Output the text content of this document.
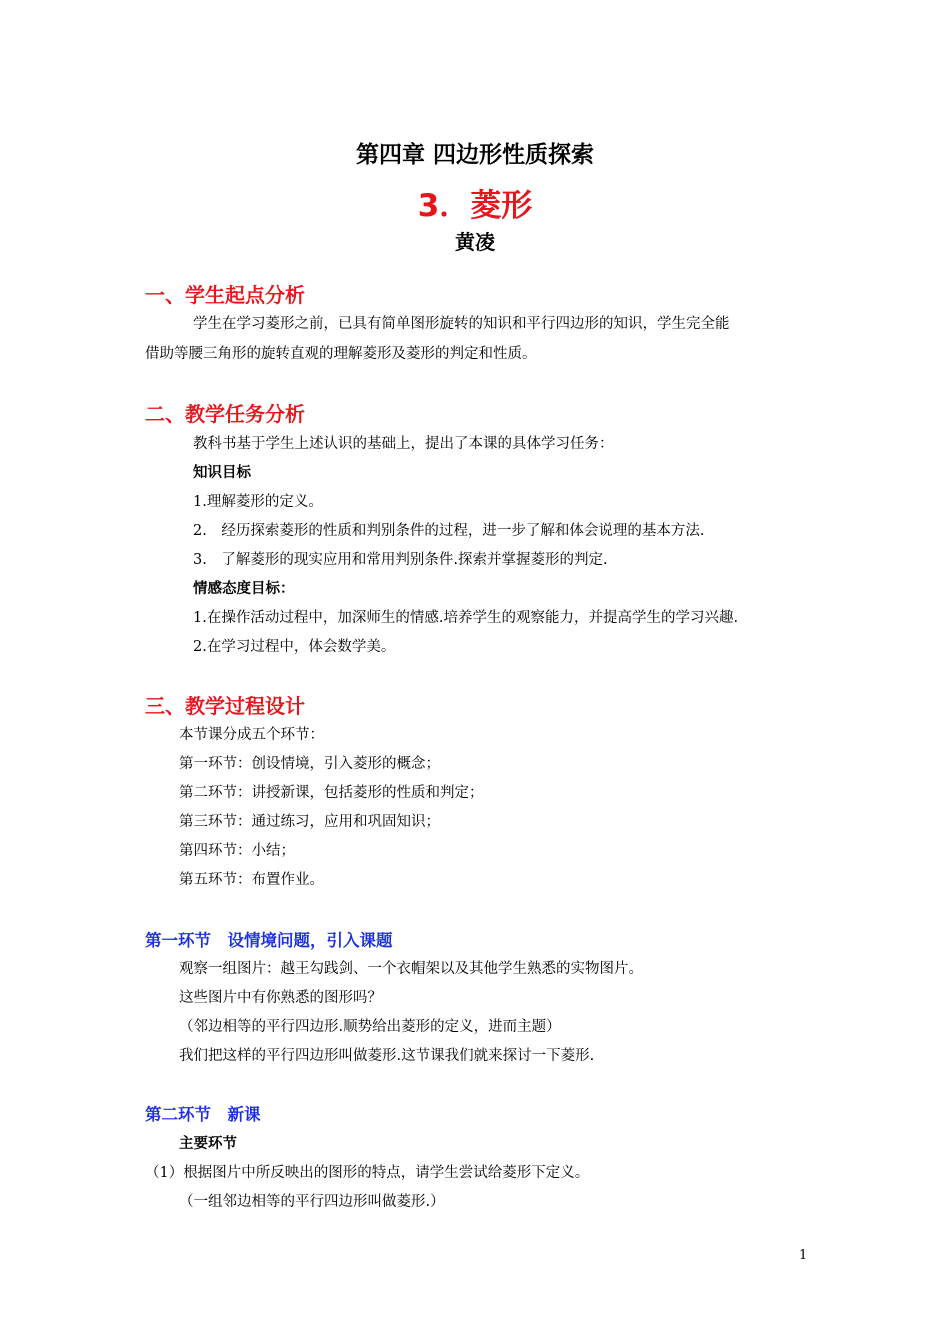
第四章 四边形性质探索
3．菱形
黄凌
一、学生起点分析
学生在学习菱形之前，已具有简单图形旋转的知识和平行四边形的知识，学生完全能
借助等腰三角形的旋转直观的理解菱形及菱形的判定和性质。
二、教学任务分析
教科书基于学生上述认识的基础上，提出了本课的具体学习任务：
知识目标
1.理解菱形的定义。
2.　经历探索菱形的性质和判别条件的过程，进一步了解和体会说理的基本方法.
3.　了解菱形的现实应用和常用判别条件.探索并掌握菱形的判定.
情感态度目标：
1.在操作活动过程中，加深师生的情感.培养学生的观察能力，并提高学生的学习兴趣.
2.在学习过程中，体会数学美。
三、教学过程设计
本节课分成五个环节：
第一环节：创设情境，引入菱形的概念；
第二环节：讲授新课，包括菱形的性质和判定；
第三环节：通过练习，应用和巩固知识；
第四环节：小结；
第五环节：布置作业。
第一环节　设情境问题，引入课题
观察一组图片：越王勾践剑、一个衣帽架以及其他学生熟悉的实物图片。
这些图片中有你熟悉的图形吗？
（邻边相等的平行四边形.顺势给出菱形的定义，进而主题）
我们把这样的平行四边形叫做菱形.这节课我们就来探讨一下菱形.
第二环节　新课
主要环节
（1）根据图片中所反映出的图形的特点，请学生尝试给菱形下定义。
（一组邻边相等的平行四边形叫做菱形.）
1
